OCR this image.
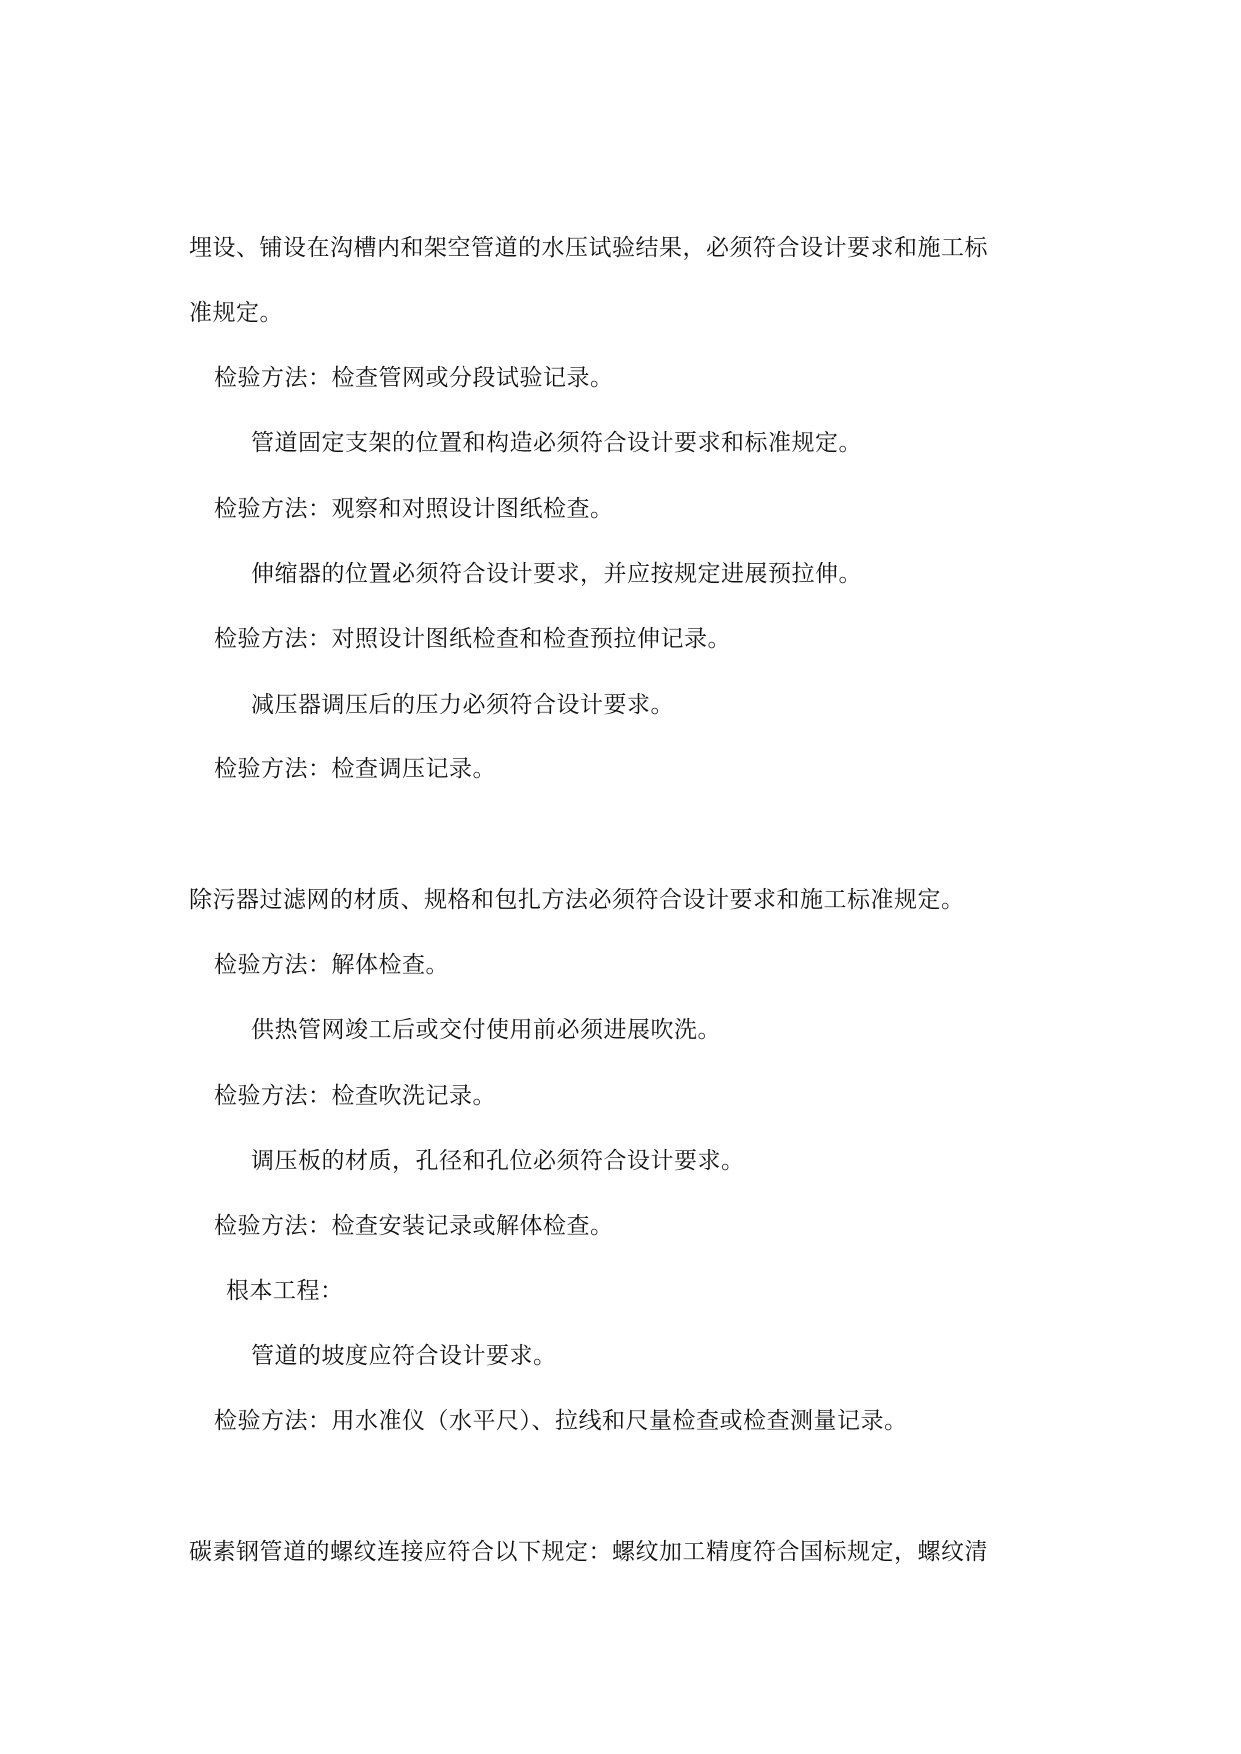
埋设、铺设在沟槽内和架空管道的水压试验结果，必须符合设计要求和施工标
准规定。
检验方法：检查管网或分段试验记录。
管道固定支架的位置和构造必须符合设计要求和标准规定。
检验方法：观察和对照设计图纸检查。
伸缩器的位置必须符合设计要求，并应按规定进展预拉伸。
检验方法：对照设计图纸检查和检查预拉伸记录。
减压器调压后的压力必须符合设计要求。
检验方法：检查调压记录。
除污器过滤网的材质、规格和包扎方法必须符合设计要求和施工标准规定。
检验方法：解体检查。
供热管网竣工后或交付使用前必须进展吹洗。
检验方法：检查吹洗记录。
调压板的材质，孔径和孔位必须符合设计要求。
检验方法：检查安装记录或解体检查。
根本工程：
管道的坡度应符合设计要求。
检验方法：用水准仪（水平尺）、拉线和尺量检查或检查测量记录。
碳素钢管道的螺纹连接应符合以下规定：螺纹加工精度符合国标规定，螺纹清
